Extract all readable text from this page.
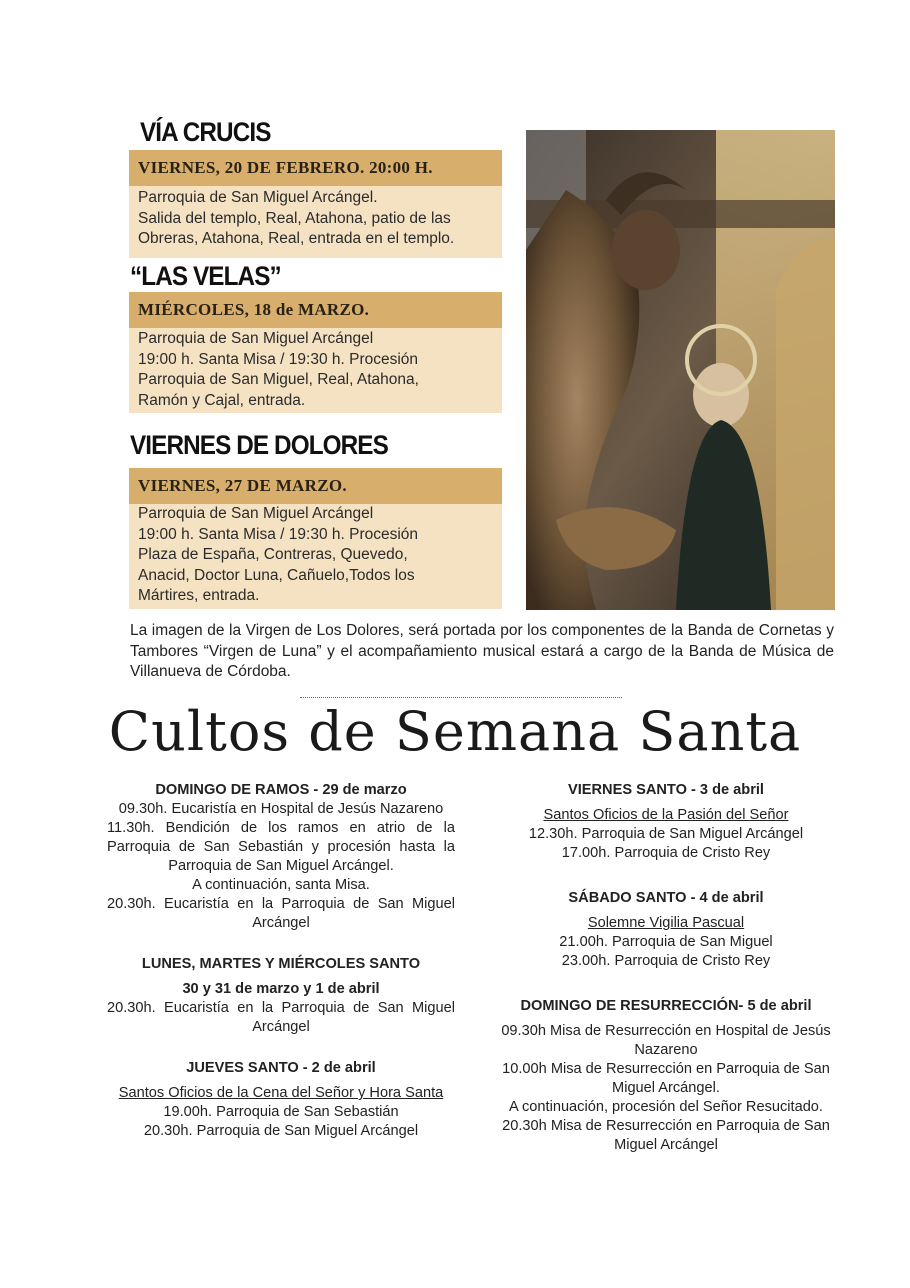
VÍA CRUCIS
VIERNES, 20 DE FEBRERO. 20:00 H.
Parroquia de San Miguel Arcángel.
Salida del templo, Real, Atahona, patio de las
Obreras, Atahona, Real, entrada en el templo.
“LAS VELAS”
MIÉRCOLES, 18 de MARZO.
Parroquia de San Miguel Arcángel
19:00 h. Santa Misa / 19:30 h. Procesión
Parroquia de San Miguel, Real, Atahona,
Ramón y Cajal, entrada.
VIERNES DE DOLORES
VIERNES, 27 DE MARZO.
Parroquia de San Miguel Arcángel
19:00 h. Santa Misa / 19:30 h. Procesión
Plaza de España, Contreras, Quevedo,
Anacid, Doctor Luna, Cañuelo,Todos los
Mártires, entrada.
La imagen de la Virgen de Los Dolores, será portada por los componentes de la Banda de Cornetas y Tambores “Virgen de Luna” y el acompañamiento musical estará a cargo de la Banda de Música de Villanueva de Córdoba.
Cultos de Semana Santa
DOMINGO DE RAMOS - 29 de marzo
09.30h. Eucaristía en Hospital de Jesús Nazareno
11.30h. Bendición de los ramos en atrio de la Parroquia de San Sebastián y procesión hasta la Parroquia de San Miguel Arcángel.
A continuación, santa Misa.
20.30h. Eucaristía en la Parroquia de San Miguel Arcángel
LUNES, MARTES Y MIÉRCOLES SANTO
30 y 31 de marzo y 1 de abril
20.30h. Eucaristía en la Parroquia de San Miguel Arcángel
JUEVES SANTO - 2 de abril
Santos Oficios de la Cena del Señor y Hora Santa
19.00h. Parroquia de San Sebastián
20.30h. Parroquia de San Miguel Arcángel
VIERNES SANTO - 3 de abril
Santos Oficios de la Pasión del Señor
12.30h. Parroquia de San Miguel Arcángel
17.00h. Parroquia de Cristo Rey
SÁBADO SANTO - 4 de abril
Solemne Vigilia Pascual
21.00h. Parroquia de San Miguel
23.00h. Parroquia de Cristo Rey
DOMINGO DE RESURRECCIÓN- 5 de abril
09.30h Misa de Resurrección en Hospital de Jesús Nazareno
10.00h Misa de Resurrección en Parroquia de San Miguel Arcángel.
A continuación, procesión del Señor Resucitado.
20.30h Misa de Resurrección en Parroquia de San Miguel Arcángel
